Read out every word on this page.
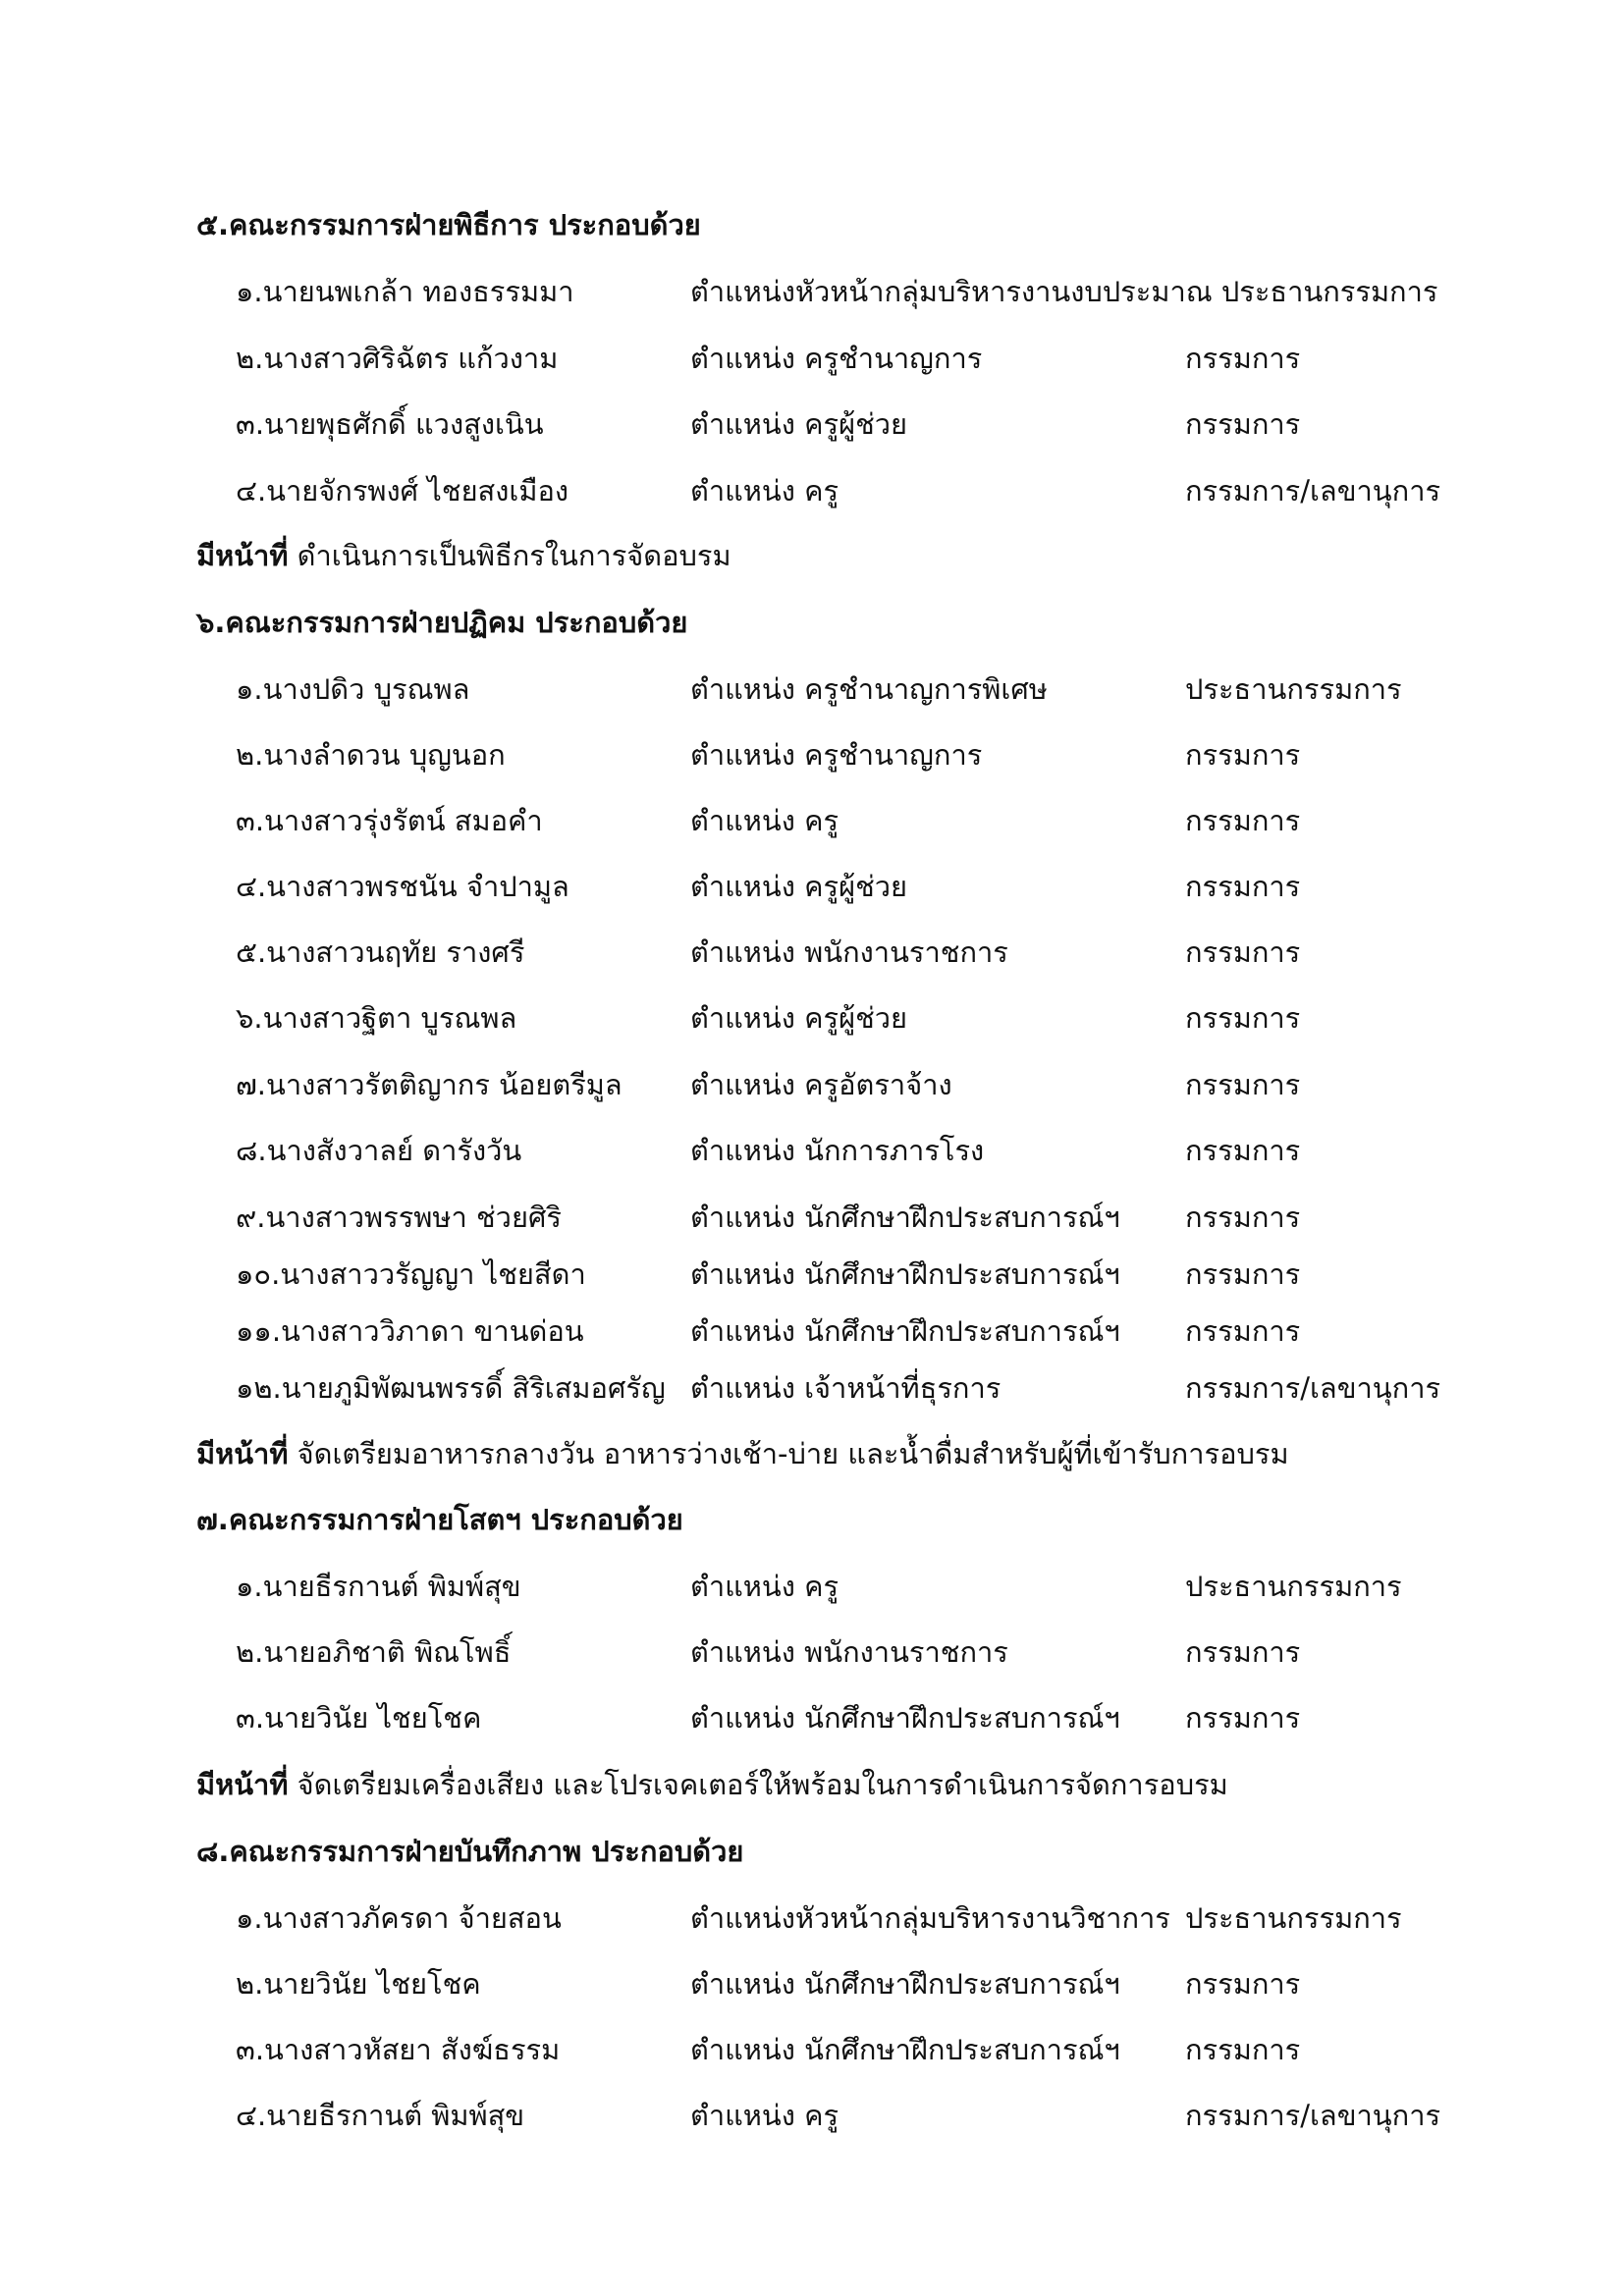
๕.คณะกรรมการฝ่ายพิธีการ ประกอบด้วย
๑.นายนพเกล้า ทองธรรมมา	ตำแหน่งหัวหน้ากลุ่มบริหารงานงบประมาณ ประธานกรรมการ
๒.นางสาวศิริฉัตร แก้วงาม	ตำแหน่ง ครูชำนาญการ	กรรมการ
๓.นายพุธศักดิ์ แวงสูงเนิน	ตำแหน่ง ครูผู้ช่วย	กรรมการ
๔.นายจักรพงศ์ ไชยสงเมือง	ตำแหน่ง ครู	กรรมการ/เลขานุการ
มีหน้าที่ ดำเนินการเป็นพิธีกรในการจัดอบรม
๖.คณะกรรมการฝ่ายปฏิคม ประกอบด้วย
๑.นางปดิว บูรณพล	ตำแหน่ง ครูชำนาญการพิเศษ	ประธานกรรมการ
๒.นางลำดวน บุญนอก	ตำแหน่ง ครูชำนาญการ	กรรมการ
๓.นางสาวรุ่งรัตน์ สมอคำ	ตำแหน่ง ครู	กรรมการ
๔.นางสาวพรชนัน จำปามูล	ตำแหน่ง ครูผู้ช่วย	กรรมการ
๕.นางสาวนฤทัย รางศรี	ตำแหน่ง พนักงานราชการ	กรรมการ
๖.นางสาวฐิตา บูรณพล	ตำแหน่ง ครูผู้ช่วย	กรรมการ
๗.นางสาวรัตติญากร น้อยตรีมูล ตำแหน่ง ครูอัตราจ้าง	กรรมการ
๘.นางสังวาลย์ ดารังวัน	ตำแหน่ง นักการภารโรง	กรรมการ
๙.นางสาวพรรพษา ช่วยศิริ	ตำแหน่ง นักศึกษาฝึกประสบการณ์ฯ กรรมการ
๑๐.นางสาววรัญญา ไชยสีดา	ตำแหน่ง นักศึกษาฝึกประสบการณ์ฯ กรรมการ
๑๑.นางสาววิภาดา ขานด่อน	ตำแหน่ง นักศึกษาฝึกประสบการณ์ฯ กรรมการ
๑๒.นายภูมิพัฒนพรรดิ์ สิริเสมอศรัญ ตำแหน่ง เจ้าหน้าที่ธุรการ	กรรมการ/เลขานุการ
มีหน้าที่ จัดเตรียมอาหารกลางวัน อาหารว่างเช้า-บ่าย และน้ำดื่มสำหรับผู้ที่เข้ารับการอบรม
๗.คณะกรรมการฝ่ายโสตฯ ประกอบด้วย
๑.นายธีรกานต์ พิมพ์สุข	ตำแหน่ง ครู	ประธานกรรมการ
๒.นายอภิชาติ พิณโพธิ์	ตำแหน่ง พนักงานราชการ	กรรมการ
๓.นายวินัย ไชยโชค	ตำแหน่ง นักศึกษาฝึกประสบการณ์ฯ กรรมการ
มีหน้าที่ จัดเตรียมเครื่องเสียง และโปรเจคเตอร์ให้พร้อมในการดำเนินการจัดการอบรม
๘.คณะกรรมการฝ่ายบันทึกภาพ ประกอบด้วย
๑.นางสาวภัครดา จ้ายสอน	ตำแหน่งหัวหน้ากลุ่มบริหารงานวิชาการ ประธานกรรมการ
๒.นายวินัย ไชยโชค	ตำแหน่ง นักศึกษาฝึกประสบการณ์ฯ กรรมการ
๓.นางสาวหัสยา สังฆ์ธรรม	ตำแหน่ง นักศึกษาฝึกประสบการณ์ฯ กรรมการ
๔.นายธีรกานต์ พิมพ์สุข	ตำแหน่ง ครู	กรรมการ/เลขานุการ
